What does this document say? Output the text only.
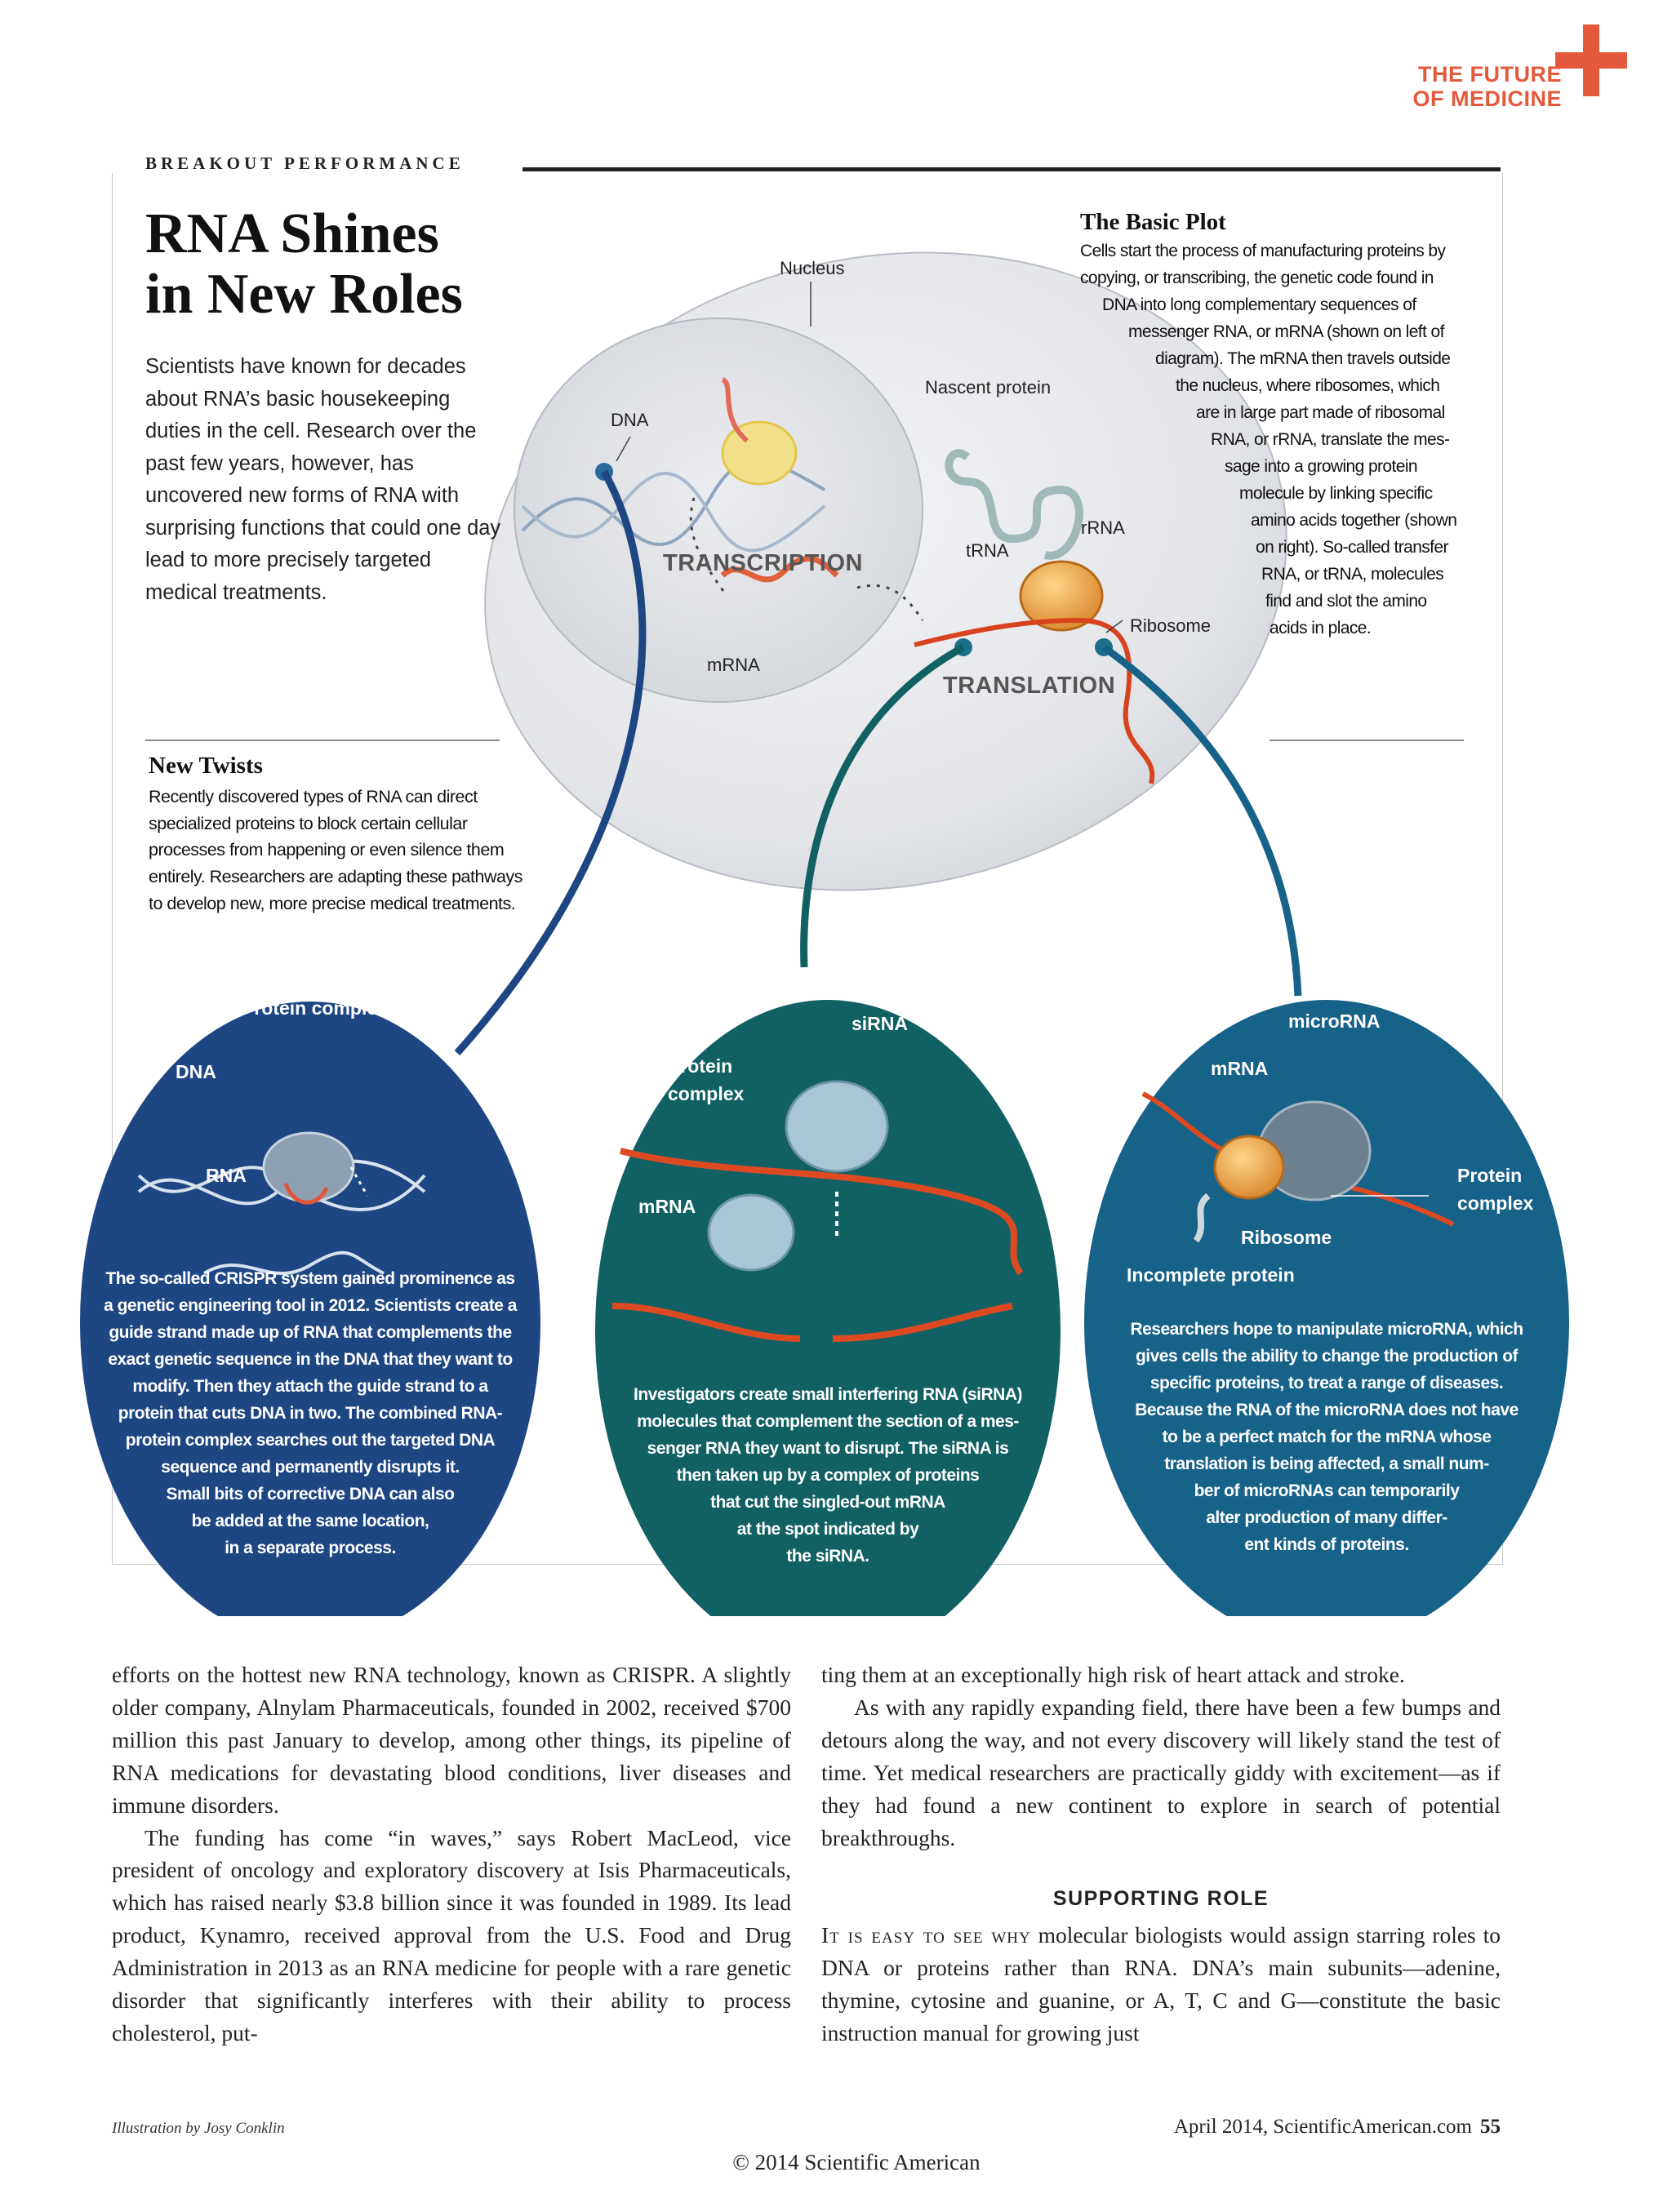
THE FUTURE
OF MEDICINE
BREAKOUT PERFORMANCE
Nucleus
DNA
TRANSCRIPTION
mRNA
Nascent protein
rRNA
tRNA
Ribosome
TRANSLATION
RNA Shines
in New Roles
Scientists have known for decades about RNA’s basic housekeeping duties in the cell. Research over the past few years, however, has uncovered new forms of RNA with surprising functions that could one day lead to more precisely targeted medical treatments.
The Basic Plot
Cells start the process of manufacturing proteins by
copying, or transcribing, the genetic code found in
DNA into long complementary sequences of
messenger RNA, or mRNA (shown on left of
diagram). The mRNA then travels outside
the nucleus, where ribosomes, which
are in large part made of ribosomal
RNA, or rRNA, translate the mes-
sage into a growing protein
molecule by linking specific
amino acids together (shown
on right). So-called transfer
RNA, or tRNA, molecules
find and slot the amino
acids in place.
New Twists
Recently discovered types of RNA can direct specialized proteins to block certain cellular processes from happening or even silence them entirely. Researchers are adapting these pathways to develop new, more precise medical treatments.
Protein complex
DNA
RNA
The so-called CRISPR system gained prominence as
a genetic engineering tool in 2012. Scientists create a
guide strand made up of RNA that complements the
exact genetic sequence in the DNA that they want to
modify. Then they attach the guide strand to a
protein that cuts DNA in two. The combined RNA-
protein complex searches out the targeted DNA
sequence and permanently disrupts it.
Small bits of corrective DNA can also
be added at the same location,
in a separate process.
siRNA
Protein
complex
mRNA
Investigators create small interfering RNA (siRNA)
molecules that complement the section of a mes-
senger RNA they want to disrupt. The siRNA is
then taken up by a complex of proteins
that cut the singled-out mRNA
at the spot indicated by
the siRNA.
microRNA
mRNA
Protein
complex
Ribosome
Incomplete protein
Researchers hope to manipulate microRNA, which
gives cells the ability to change the production of
specific proteins, to treat a range of diseases.
Because the RNA of the microRNA does not have
to be a perfect match for the mRNA whose
translation is being affected, a small num-
ber of microRNAs can temporarily
alter production of many differ-
ent kinds of proteins.

efforts on the hottest new RNA technology, known as CRISPR. A slightly older company, Alnylam Pharmaceuticals, founded in 2002, received $700 million this past January to develop, among other things, its pipeline of RNA medications for devastating blood conditions, liver diseases and immune disorders.

The funding has come “in waves,” says Robert MacLeod, vice president of oncology and exploratory discovery at Isis Pharmaceuticals, which has raised nearly $3.8 billion since it was founded in 1989. Its lead product, Kynamro, received approval from the U.S. Food and Drug Administration in 2013 as an RNA medicine for people with a rare genetic disorder that significantly interferes with their ability to process cholesterol, put-

ting them at an exceptionally high risk of heart attack and stroke.

As with any rapidly expanding field, there have been a few bumps and detours along the way, and not every discovery will likely stand the test of time. Yet medical researchers are practically giddy with excitement—as if they had found a new continent to explore in search of potential breakthroughs.

SUPPORTING ROLE

It is easy to see why molecular biologists would assign starring roles to DNA or proteins rather than RNA. DNA’s main subunits—adenine, thymine, cytosine and guanine, or A, T, C and G—constitute the basic instruction manual for growing just

Illustration by Josy Conklin	April 2014, ScientificAmerican.com 55
© 2014 Scientific American
